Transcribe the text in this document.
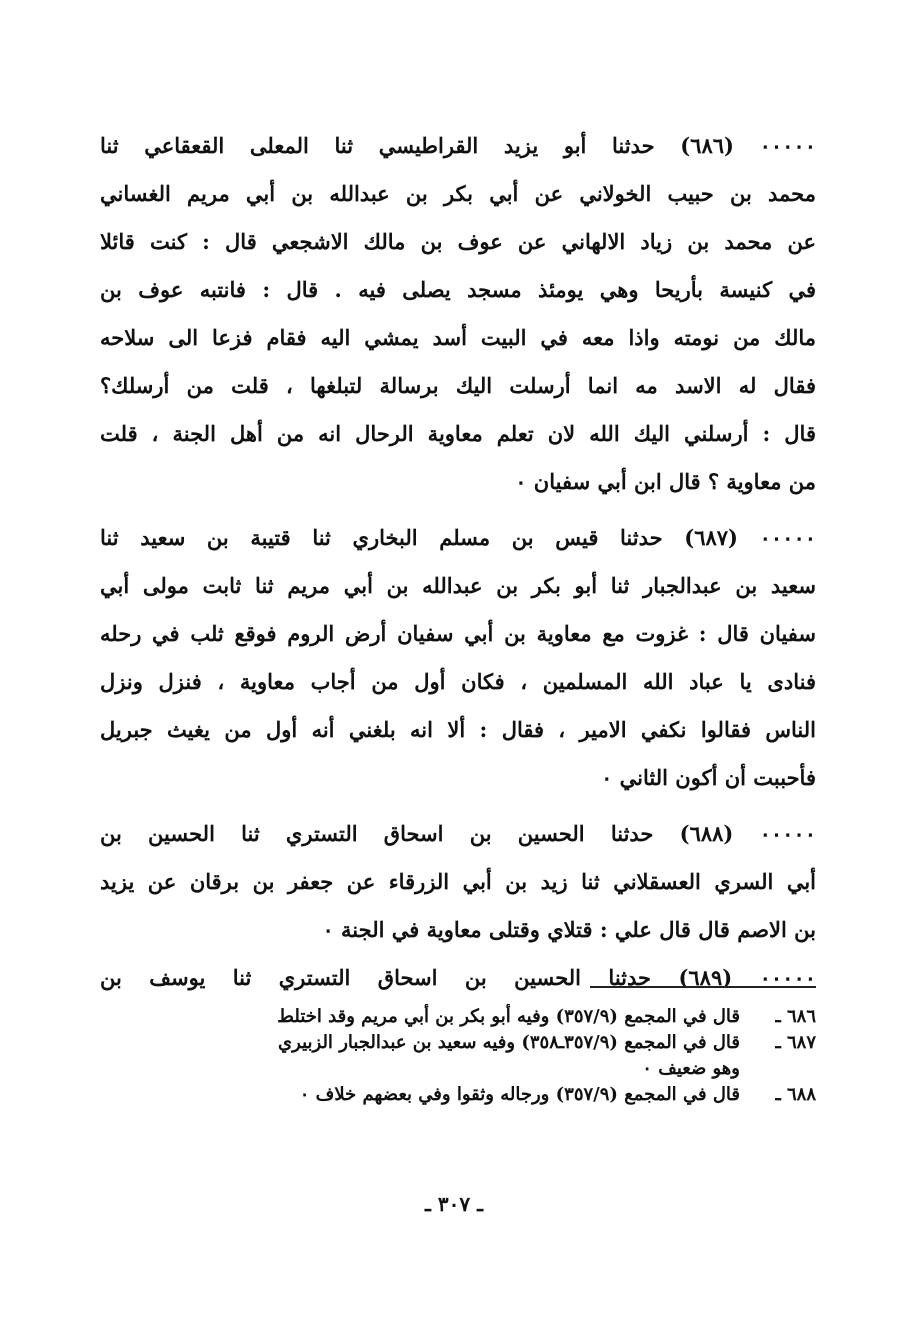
٠٠٠٠٠ (٦٨٦) حدثنا أبو يزيد القراطيسي ثنا المعلى القعقاعي ثنا
محمد بن حبيب الخولاني عن أبي بكر بن عبدالله بن أبي مريم الغساني
عن محمد بن زياد الالهاني عن عوف بن مالك الاشجعي قال : كنت قائلا
في كنيسة بأريحا وهي يومئذ مسجد يصلى فيه . قال : فانتبه عوف بن
مالك من نومته واذا معه في البيت أسد يمشي اليه فقام فزعا الى سلاحه
فقال له الاسد مه انما أرسلت اليك برسالة لتبلغها ، قلت من أرسلك؟
قال : أرسلني اليك الله لان تعلم معاوية الرحال انه من أهل الجنة ، قلت
من معاوية ؟ قال ابن أبي سفيان ٠
٠٠٠٠٠ (٦٨٧) حدثنا قيس بن مسلم البخاري ثنا قتيبة بن سعيد ثنا
سعيد بن عبدالجبار ثنا أبو بكر بن عبدالله بن أبي مريم ثنا ثابت مولى أبي
سفيان قال : غزوت مع معاوية بن أبي سفيان أرض الروم فوقع ثلب في رحله
فنادى يا عباد الله المسلمين ، فكان أول من أجاب معاوية ، فنزل ونزل
الناس فقالوا نكفي الامير ، فقال : ألا انه بلغني أنه أول من يغيث جبريل
فأحببت أن أكون الثاني ٠
٠٠٠٠٠ (٦٨٨) حدثنا الحسين بن اسحاق التستري ثنا الحسين بن
أبي السري العسقلاني ثنا زيد بن أبي الزرقاء عن جعفر بن برقان عن يزيد
بن الاصم قال قال علي : قتلاي وقتلى معاوية في الجنة ٠
٠٠٠٠٠ (٦٨٩) حدثنا الحسين بن اسحاق التستري ثنا يوسف بن
٦٨٦ ـ
قال في المجمع (٣٥٧/٩) وفيه أبو بكر بن أبي مريم وقد اختلط
٦٨٧ ـ
قال في المجمع (٣٥٧/٩ـ٣٥٨) وفيه سعيد بن عبدالجبار الزبيري
وهو ضعيف ٠
٦٨٨ ـ
قال في المجمع (٣٥٧/٩) ورجاله وثقوا وفي بعضهم خلاف ٠
ـ ٣٠٧ ـ
